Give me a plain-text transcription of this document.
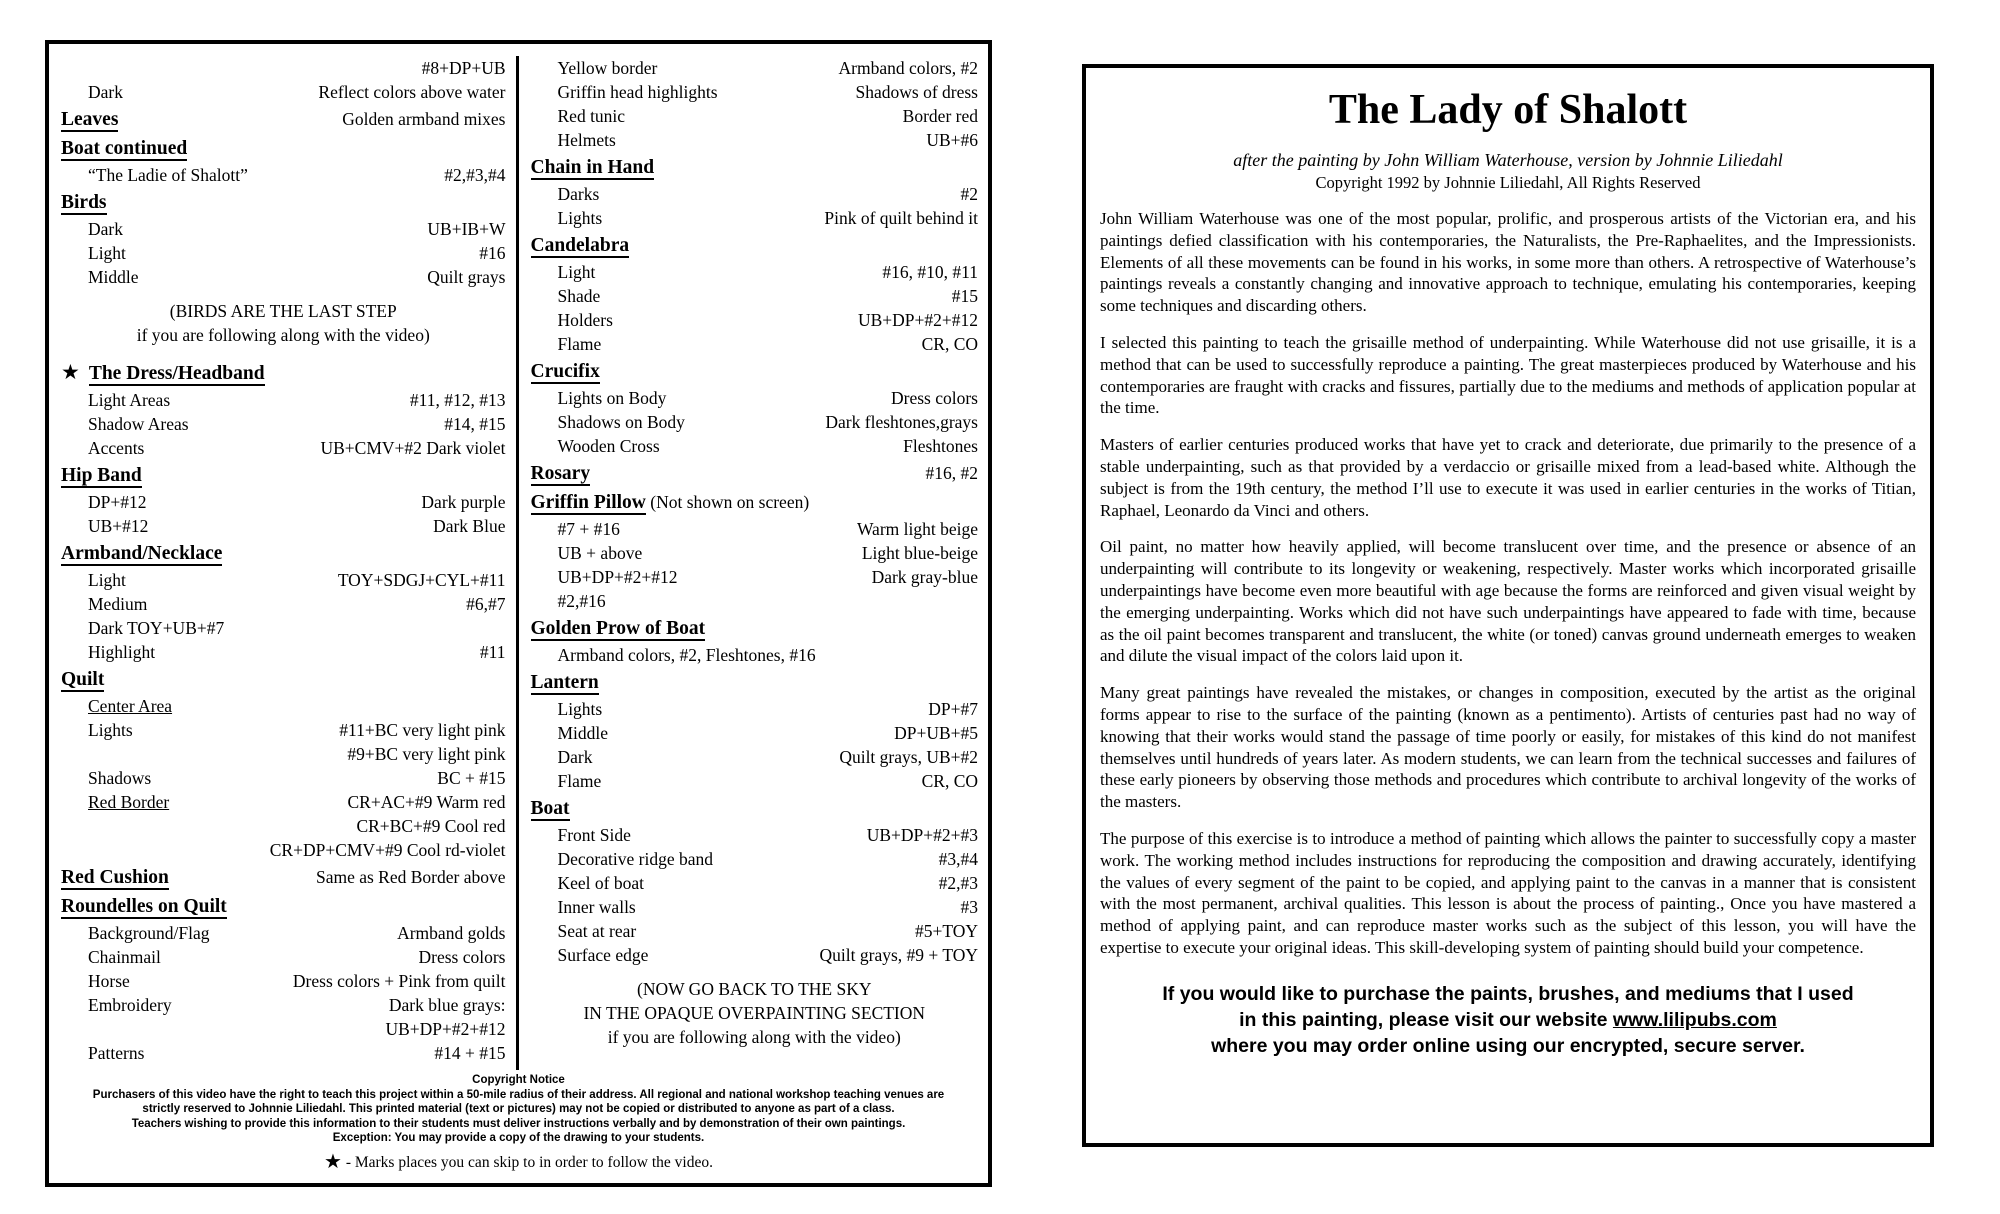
#8+DP+UB
Dark	Reflect colors above water
Leaves	Golden armband mixes
Boat continued
“The Ladie of Shalott”	#2,#3,#4
Birds
Dark	UB+IB+W
Light	#16
Middle	Quilt grays
(BIRDS ARE THE LAST STEP
if you are following along with the video)
★ The Dress/Headband
Light Areas	#11, #12, #13
Shadow Areas	#14, #15
Accents	UB+CMV+#2 Dark violet
Hip Band
DP+#12	Dark purple
UB+#12	Dark Blue
Armband/Necklace
Light	TOY+SDGJ+CYL+#11
Medium	#6,#7
Dark TOY+UB+#7
Highlight	#11
Quilt
Center Area
Lights	#11+BC very light pink
#9+BC very light pink
Shadows	BC + #15
Red Border	CR+AC+#9 Warm red
CR+BC+#9 Cool red
CR+DP+CMV+#9 Cool rd-violet
Red Cushion	Same as Red Border above
Roundelles on Quilt
Background/Flag	Armband golds
Chainmail	Dress colors
Horse	Dress colors + Pink from quilt
Embroidery	Dark blue grays:
UB+DP+#2+#12
Patterns	#14 + #15
Yellow border	Armband colors, #2
Griffin head highlights	Shadows of dress
Red tunic	Border red
Helmets	UB+#6
Chain in Hand
Darks	#2
Lights	Pink of quilt behind it
Candelabra
Light	#16, #10, #11
Shade	#15
Holders	UB+DP+#2+#12
Flame	CR, CO
Crucifix
Lights on Body	Dress colors
Shadows on Body	Dark fleshtones,grays
Wooden Cross	Fleshtones
Rosary	#16, #2
Griffin Pillow (Not shown on screen)
#7 + #16	Warm light beige
UB + above	Light blue-beige
UB+DP+#2+#12	Dark gray-blue
#2,#16
Golden Prow of Boat
Armband colors, #2, Fleshtones, #16
Lantern
Lights	DP+#7
Middle	DP+UB+#5
Dark	Quilt grays, UB+#2
Flame	CR, CO
Boat
Front Side	UB+DP+#2+#3
Decorative ridge band	#3,#4
Keel of boat	#2,#3
Inner walls	#3
Seat at rear	#5+TOY
Surface edge	Quilt grays, #9 + TOY
(NOW GO BACK TO THE SKY
IN THE OPAQUE OVERPAINTING SECTION
if you are following along with the video)
Copyright Notice
Purchasers of this video have the right to teach this project within a 50-mile radius of their address. All regional and national workshop teaching venues are
strictly reserved to Johnnie Liliedahl. This printed material (text or pictures) may not be copied or distributed to anyone as part of a class.
Teachers wishing to provide this information to their students must deliver instructions verbally and by demonstration of their own paintings.
Exception: You may provide a copy of the drawing to your students.
★ - Marks places you can skip to in order to follow the video.
The Lady of Shalott
after the painting by John William Waterhouse, version by Johnnie Liliedahl
Copyright 1992 by Johnnie Liliedahl, All Rights Reserved

John William Waterhouse was one of the most popular, prolific, and prosperous artists of the Victorian era, and his paintings defied classification with his contemporaries, the Naturalists, the Pre-Raphaelites, and the Impressionists. Elements of all these movements can be found in his works, in some more than others. A retrospective of Waterhouse’s paintings reveals a constantly changing and innovative approach to technique, emulating his contemporaries, keeping some techniques and discarding others.

I selected this painting to teach the grisaille method of underpainting. While Waterhouse did not use grisaille, it is a method that can be used to successfully reproduce a painting. The great masterpieces produced by Waterhouse and his contemporaries are fraught with cracks and fissures, partially due to the mediums and methods of application popular at the time.

Masters of earlier centuries produced works that have yet to crack and deteriorate, due primarily to the presence of a stable underpainting, such as that provided by a verdaccio or grisaille mixed from a lead-based white. Although the subject is from the 19th century, the method I’ll use to execute it was used in earlier centuries in the works of Titian, Raphael, Leonardo da Vinci and others.

Oil paint, no matter how heavily applied, will become translucent over time, and the presence or absence of an underpainting will contribute to its longevity or weakening, respectively. Master works which incorporated grisaille underpaintings have become even more beautiful with age because the forms are reinforced and given visual weight by the emerging underpainting. Works which did not have such underpaintings have appeared to fade with time, because as the oil paint becomes transparent and translucent, the white (or toned) canvas ground underneath emerges to weaken and dilute the visual impact of the colors laid upon it.

Many great paintings have revealed the mistakes, or changes in composition, executed by the artist as the original forms appear to rise to the surface of the painting (known as a pentimento). Artists of centuries past had no way of knowing that their works would stand the passage of time poorly or easily, for mistakes of this kind do not manifest themselves until hundreds of years later. As modern students, we can learn from the technical successes and failures of these early pioneers by observing those methods and procedures which contribute to archival longevity of the works of the masters.

The purpose of this exercise is to introduce a method of painting which allows the painter to successfully copy a master work. The working method includes instructions for reproducing the composition and drawing accurately, identifying the values of every segment of the paint to be copied, and applying paint to the canvas in a manner that is consistent with the most permanent, archival qualities. This lesson is about the process of painting., Once you have mastered a method of applying paint, and can reproduce master works such as the subject of this lesson, you will have the expertise to execute your original ideas. This skill-developing system of painting should build your competence.

If you would like to purchase the paints, brushes, and mediums that I used
in this painting, please visit our website www.lilipubs.com
where you may order online using our encrypted, secure server.
